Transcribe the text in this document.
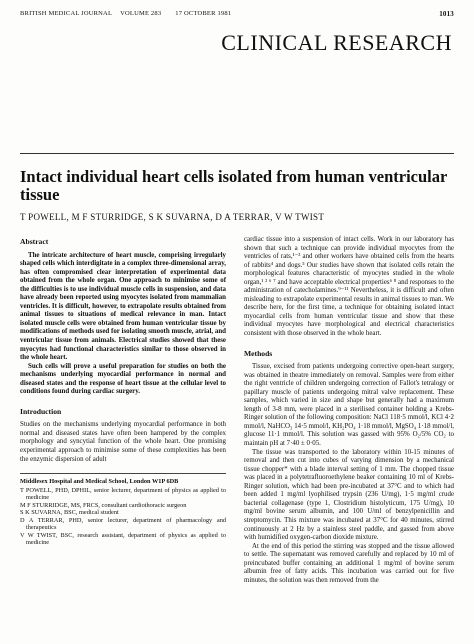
BRITISH MEDICAL JOURNAL VOLUME 283 17 OCTOBER 1981	1013
CLINICAL RESEARCH
Intact individual heart cells isolated from human ventricular tissue
T POWELL, M F STURRIDGE, S K SUVARNA, D A TERRAR, V W TWIST
Abstract

The intricate architecture of heart muscle, comprising irregularly shaped cells which interdigitate in a complex three-dimensional array, has often compromised clear interpretation of experimental data obtained from the whole organ. One approach to minimise some of the difficulties is to use individual muscle cells in suspension, and data have already been reported using myocytes isolated from mammalian ventricles. It is difficult, however, to extrapolate results obtained from animal tissues to situations of medical relevance in man. Intact isolated muscle cells were obtained from human ventricular tissue by modifications of methods used for isolating smooth muscle, atrial, and ventricular tissue from animals. Electrical studies showed that these myocytes had functional characteristics similar to those observed in the whole heart.

Such cells will prove a useful preparation for studies on both the mechanisms underlying myocardial performance in normal and diseased states and the response of heart tissue at the cellular level to conditions found during cardiac surgery.

Introduction

Studies on the mechanisms underlying myocardial performance in both normal and diseased states have often been hampered by the complex morphology and syncytial function of the whole heart. One promising experimental approach to minimise some of these complexities has been the enzymic dispersion of adult

Middlesex Hospital and Medical School, London W1P 6DB
T POWELL, PHD, DPHIL, senior lecturer, department of physics as applied to medicine
M F STURRIDGE, MS, FRCS, consultant cardiothoracic surgeon
S K SUVARNA, BSC, medical student
D A TERRAR, PHD, senior lecturer, department of pharmacology and therapeutics
V W TWIST, BSC, research assistant, department of physics as applied to medicine

cardiac tissue into a suspension of intact cells. Work in our laboratory has shown that such a technique can provide individual myocytes from the ventricles of rats,¹⁻³ and other workers have obtained cells from the hearts of rabbits⁴ and dogs.⁵ Our studies have shown that isolated cells retain the morphological features characteristic of myocytes studied in the whole organ,¹ ² ⁶ ⁷ and have acceptable electrical properties⁶ ⁸ and responses to the administration of catecholamines.⁹⁻¹¹ Nevertheless, it is difficult and often misleading to extrapolate experimental results in animal tissues to man. We describe here, for the first time, a technique for obtaining isolated intact myocardial cells from human ventricular tissue and show that these individual myocytes have morphological and electrical characteristics consistent with those observed in the whole heart.

Methods

Tissue, excised from patients undergoing corrective open-heart surgery, was obtained in theatre immediately on removal. Samples were from either the right ventricle of children undergoing correction of Fallot's tetralogy or papillary muscle of patients undergoing mitral valve replacement. These samples, which varied in size and shape but generally had a maximum length of 3-8 mm, were placed in a sterilised container holding a Krebs-Ringer solution of the following composition: NaCl 118·5 mmol/l, KCl 4·2 mmol/l, NaHCO₃ 14·5 mmol/l, KH₂PO₄ 1·18 mmol/l, MgSO₄ 1·18 mmol/l, glucose 11·1 mmol/l. This solution was gassed with 95% O₂/5% CO₂ to maintain pH at 7·40 ± 0·05.

The tissue was transported to the laboratory within 10-15 minutes of removal and then cut into cubes of varying dimension by a mechanical tissue chopper* with a blade interval setting of 1 mm. The chopped tissue was placed in a polytetrafluoroethylene beaker containing 10 ml of Krebs-Ringer solution, which had been pre-incubated at 37°C and to which had been added 1 mg/ml lyophilised trypsin (236 U/mg), 1·5 mg/ml crude bacterial collagenase (type 1, Clostridium histolyticum, 175 U/mg), 10 mg/ml bovine serum albumin, and 100 U/ml of benzylpenicillin and streptomycin. This mixture was incubated at 37°C for 40 minutes, stirred continuously at 2 Hz by a stainless steel paddle, and gassed from above with humidified oxygen-carbon dioxide mixture.

At the end of this period the stirring was stopped and the tissue allowed to settle. The supernatant was removed carefully and replaced by 10 ml of preincubated buffer containing an additional 1 mg/ml of bovine serum albumin free of fatty acids. This incubation was carried out for five minutes, the solution was then removed from the
